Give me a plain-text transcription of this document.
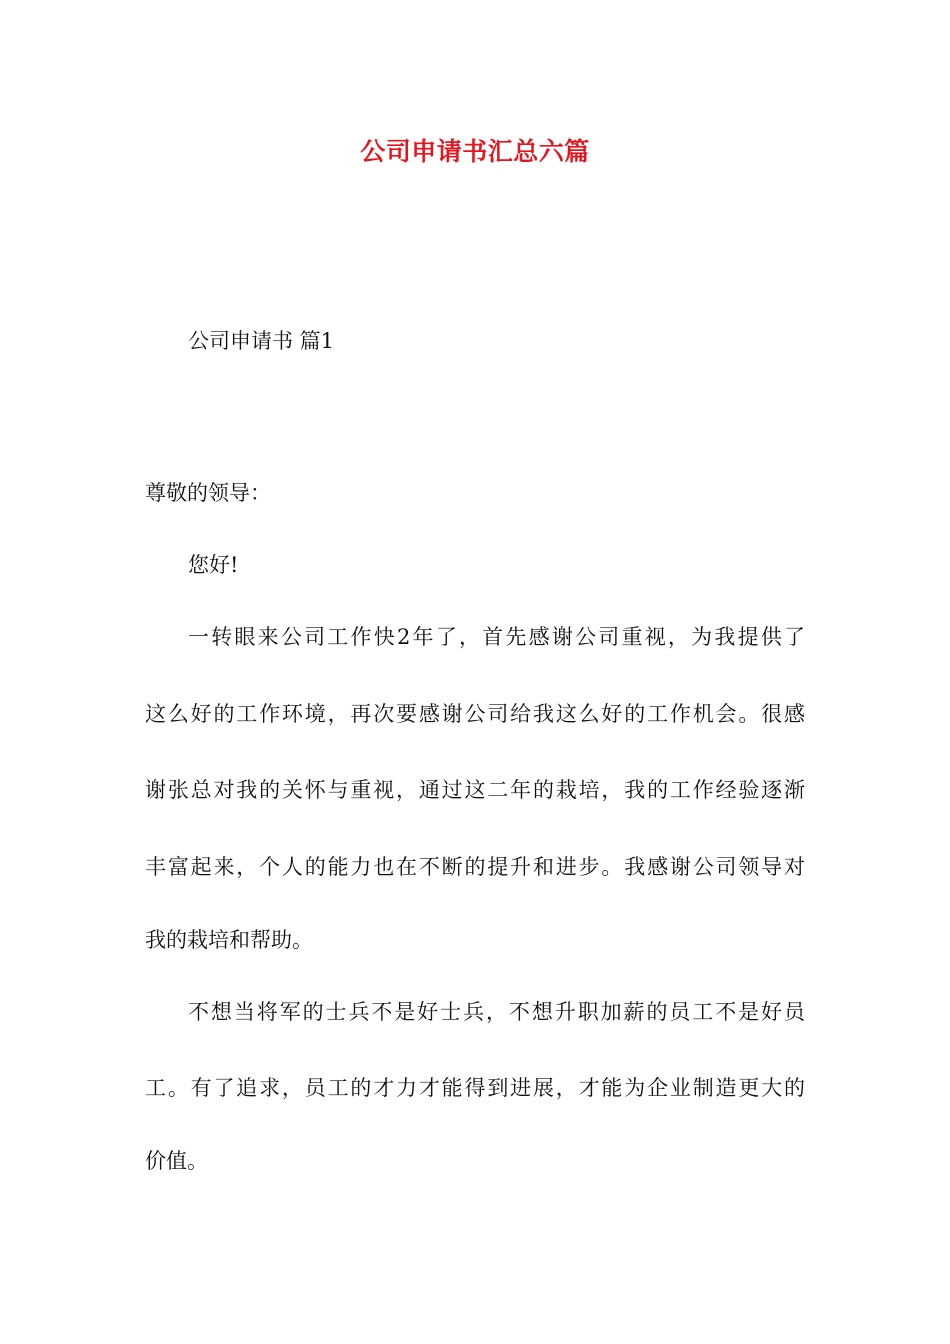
公司申请书汇总六篇
公司申请书 篇1
尊敬的领导：
您好!
一转眼来公司工作快2年了，首先感谢公司重视，为我提供了
这么好的工作环境，再次要感谢公司给我这么好的工作机会。很感
谢张总对我的关怀与重视，通过这二年的栽培，我的工作经验逐渐
丰富起来，个人的能力也在不断的提升和进步。我感谢公司领导对
我的栽培和帮助。
不想当将军的士兵不是好士兵，不想升职加薪的员工不是好员
工。有了追求，员工的才力才能得到进展，才能为企业制造更大的
价值。
